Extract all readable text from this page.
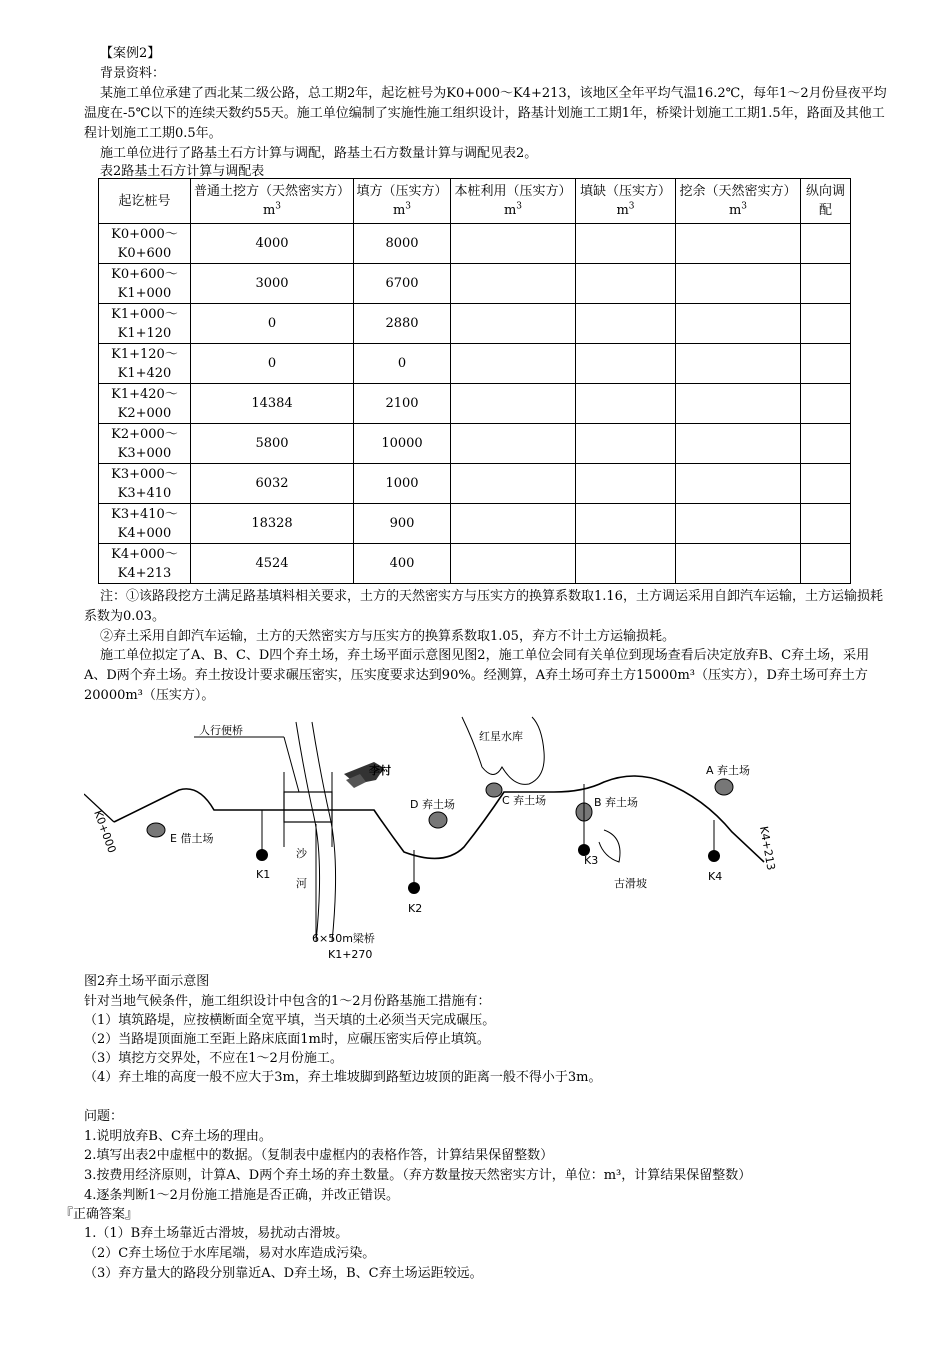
【案例2】
背景资料：
某施工单位承建了西北某二级公路，总工期2年，起讫桩号为K0+000～K4+213，该地区全年平均气温16.2℃，每年1～2月份昼夜平均温度在-5℃以下的连续天数约55天。施工单位编制了实施性施工组织设计，路基计划施工工期1年，桥梁计划施工工期1.5年，路面及其他工程计划施工工期0.5年。
施工单位进行了路基土石方计算与调配，路基土石方数量计算与调配见表2。
表2路基土石方计算与调配表
起讫桩号	普通土挖方（天然密实方）$m^3$	填方（压实方）$m^3$	本桩利用（压实方）$m^3$	填缺（压实方）$m^3$	挖余（天然密实方）$m^3$	纵向调配
K0+000～
K0+600	4000	8000				
K0+600～
K1+000	3000	6700				
K1+000～
K1+120	0	2880				
K1+120～
K1+420	0	0				
K1+420～
K2+000	14384	2100				
K2+000～
K3+000	5800	10000				
K3+000～
K3+410	6032	1000				
K3+410～
K4+000	18328	900				
K4+000～
K4+213	4524	400				
注：①该路段挖方土满足路基填料相关要求，土方的天然密实方与压实方的换算系数取1.16，土方调运采用自卸汽车运输，土方运输损耗系数为0.03。
②弃土采用自卸汽车运输，土方的天然密实方与压实方的换算系数取1.05，弃方不计土方运输损耗。
施工单位拟定了A、B、C、D四个弃土场，弃土场平面示意图见图2，施工单位会同有关单位到现场查看后决定放弃B、C弃土场，采用A、D两个弃土场。弃土按设计要求碾压密实，压实度要求达到90%。经测算，A弃土场可弃土方15000m³（压实方），D弃土场可弃土方20000m³（压实方）。
人行便桥	红星水库
李村
K0+000	K4+213
E 借土场
D 弃土场	C 弃土场	B 弃土场
A 弃土场
古滑坡
沙
河
6×50m梁桥
K1+270
K1
K2
K3
K4
图2弃土场平面示意图
针对当地气候条件，施工组织设计中包含的1～2月份路基施工措施有：
（1）填筑路堤，应按横断面全宽平填，当天填的土必须当天完成碾压。
（2）当路堤顶面施工至距上路床底面1m时，应碾压密实后停止填筑。
（3）填挖方交界处，不应在1～2月份施工。
（4）弃土堆的高度一般不应大于3m，弃土堆坡脚到路堑边坡顶的距离一般不得小于3m。
问题：
1.说明放弃B、C弃土场的理由。
2.填写出表2中虚框中的数据。（复制表中虚框内的表格作答，计算结果保留整数）
3.按费用经济原则，计算A、D两个弃土场的弃土数量。（弃方数量按天然密实方计，单位：m³，计算结果保留整数）
4.逐条判断1～2月份施工措施是否正确，并改正错误。
『正确答案』
1.（1）B弃土场靠近古滑坡，易扰动古滑坡。
（2）C弃土场位于水库尾端，易对水库造成污染。
（3）弃方量大的路段分别靠近A、D弃土场，B、C弃土场运距较远。
